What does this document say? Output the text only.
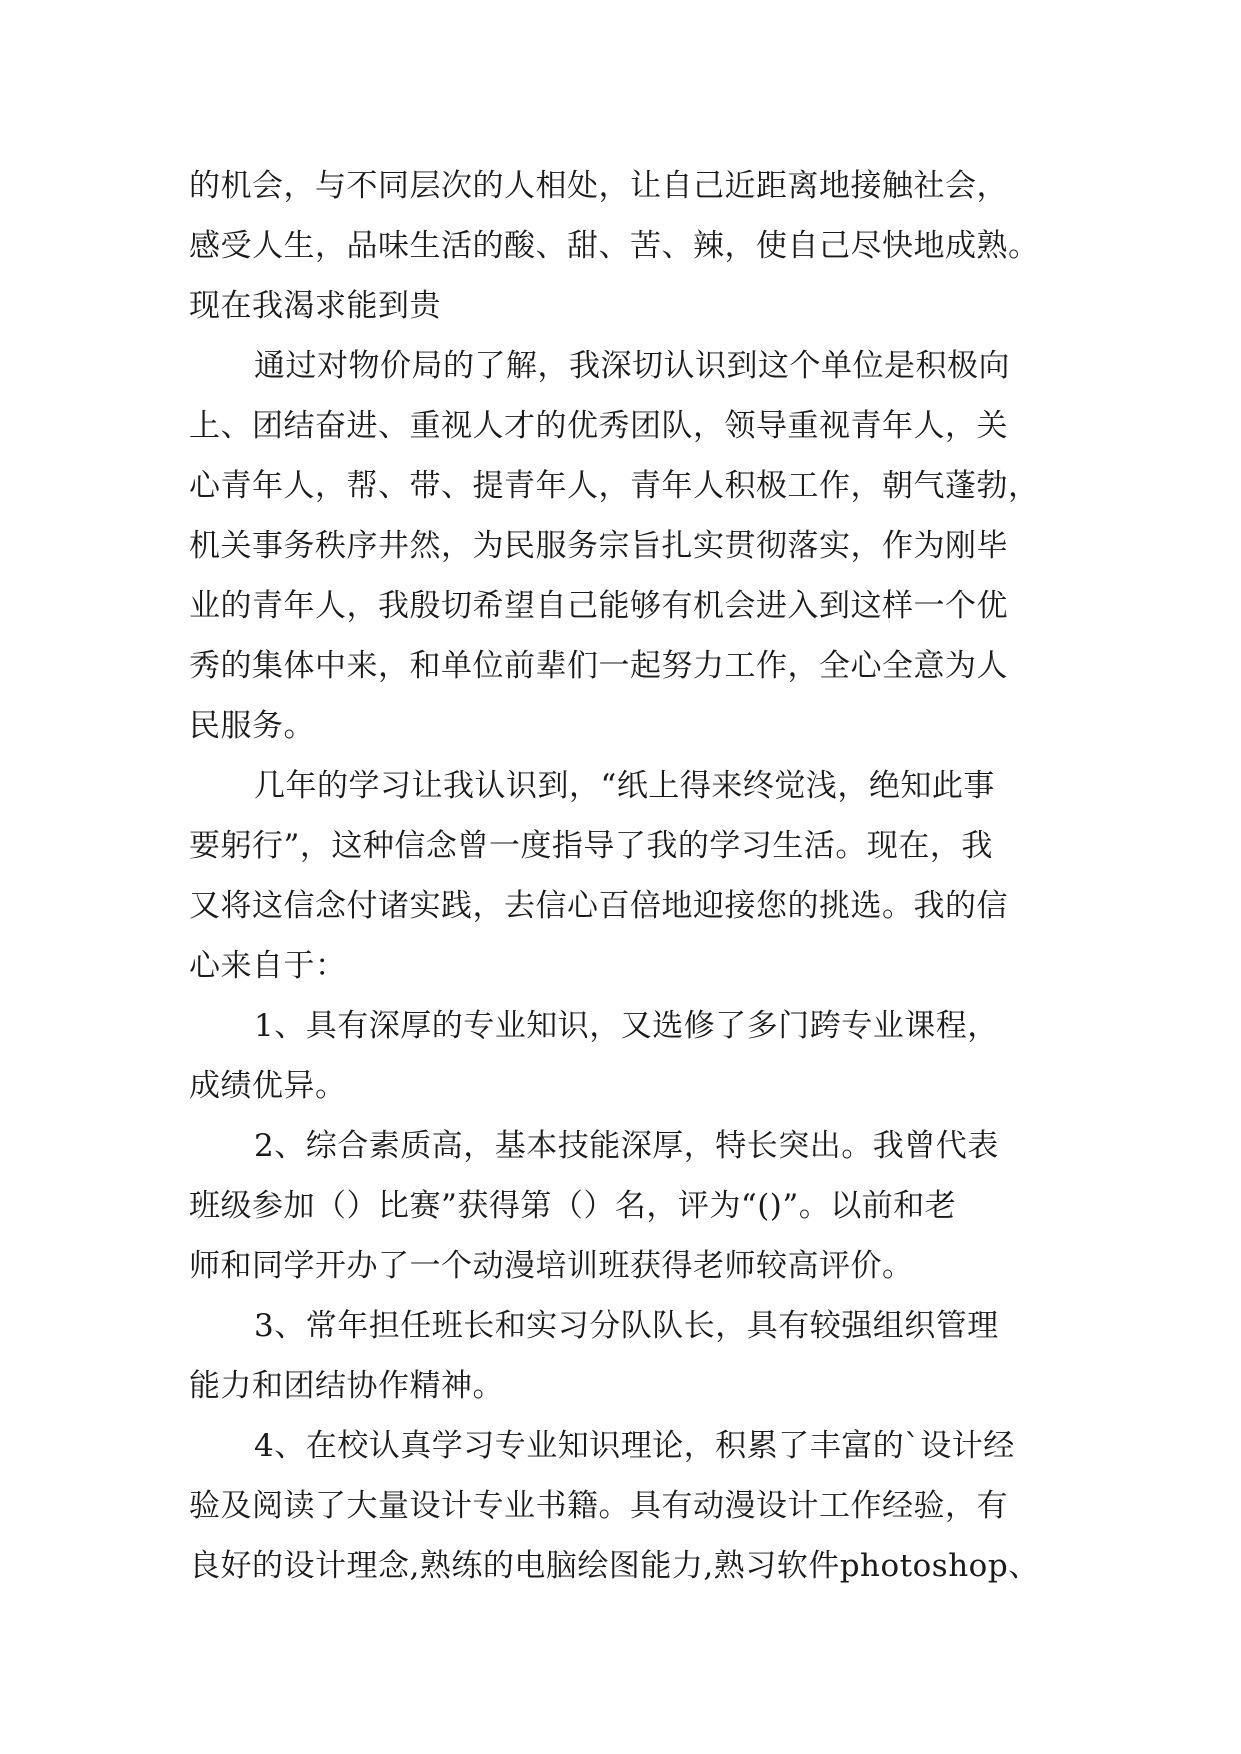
的机会，与不同层次的人相处，让自己近距离地接触社会，
感受人生，品味生活的酸、甜、苦、辣，使自己尽快地成熟。
现在我渴求能到贵
通过对物价局的了解，我深切认识到这个单位是积极向
上、团结奋进、重视人才的优秀团队，领导重视青年人，关
心青年人，帮、带、提青年人，青年人积极工作，朝气蓬勃，
机关事务秩序井然，为民服务宗旨扎实贯彻落实，作为刚毕
业的青年人，我殷切希望自己能够有机会进入到这样一个优
秀的集体中来，和单位前辈们一起努力工作，全心全意为人
民服务。
几年的学习让我认识到，“纸上得来终觉浅，绝知此事
要躬行”，这种信念曾一度指导了我的学习生活。现在，我
又将这信念付诸实践，去信心百倍地迎接您的挑选。我的信
心来自于：
1、具有深厚的专业知识，又选修了多门跨专业课程，
成绩优异。
2、综合素质高，基本技能深厚，特长突出。我曾代表
班级参加（）比赛”获得第（）名，评为“()”。以前和老
师和同学开办了一个动漫培训班获得老师较高评价。
3、常年担任班长和实习分队队长，具有较强组织管理
能力和团结协作精神。
4、在校认真学习专业知识理论，积累了丰富的`设计经
验及阅读了大量设计专业书籍。具有动漫设计工作经验，有
良好的设计理念,熟练的电脑绘图能力,熟习软件photoshop、
